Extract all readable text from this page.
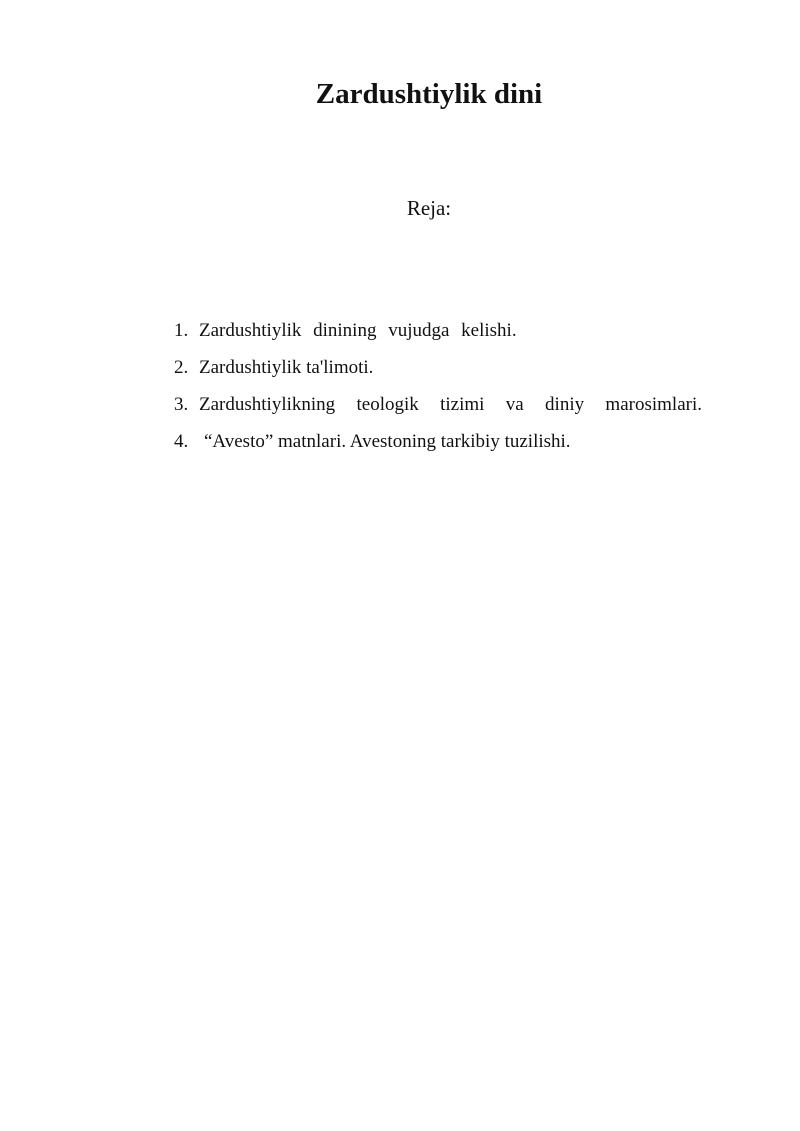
Zardushtiylik dini

Reja:

1. Zardushtiylik dinining vujudga kelishi.
2. Zardushtiylik ta'limoti.
3. Zardushtiylikning teologik tizimi va diniy marosimlari.
4. “Avesto” matnlari. Avestoning tarkibiy tuzilishi.
